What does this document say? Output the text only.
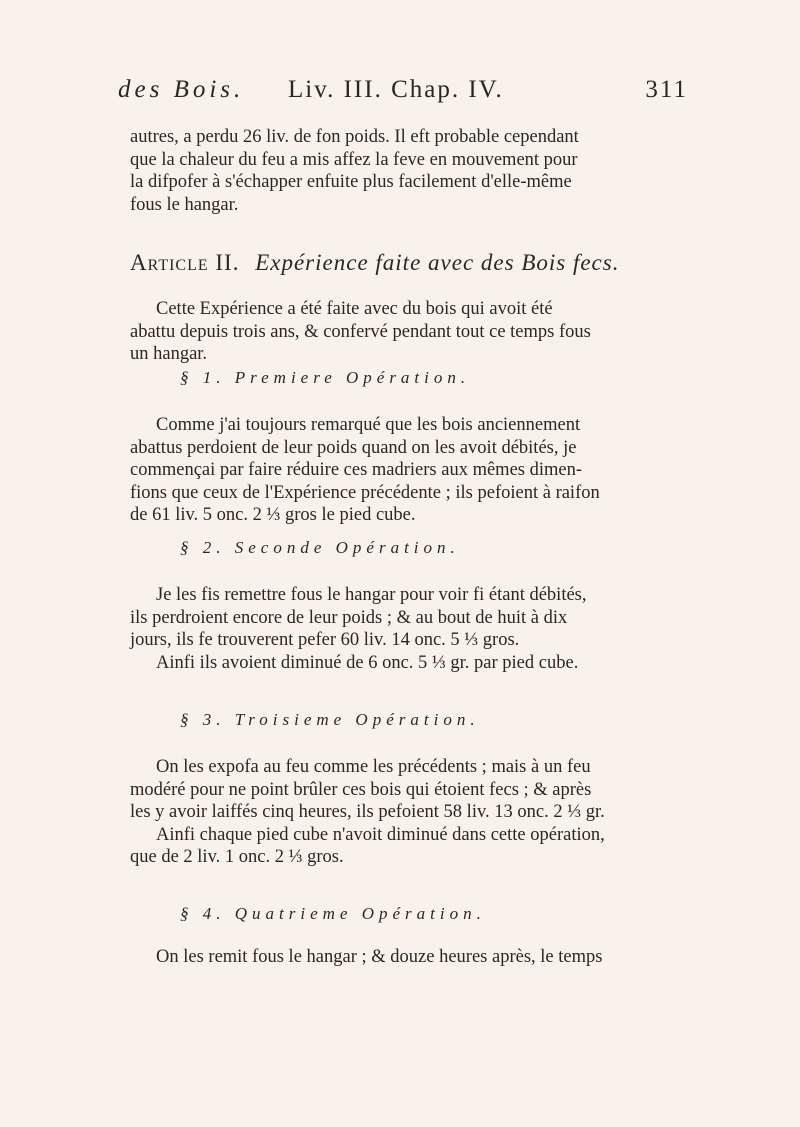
des Bois. Liv. III. Chap. IV.	311
autres, a perdu 26 liv. de fon poids. Il eft probable cependant
que la chaleur du feu a mis affez la feve en mouvement pour
la difpofer à s'échapper enfuite plus facilement d'elle-même
fous le hangar.
Article II. Expérience faite avec des Bois fecs.
Cette Expérience a été faite avec du bois qui avoit été
abattu depuis trois ans, & confervé pendant tout ce temps fous
un hangar.
§ 1. Premiere Opération.
Comme j'ai toujours remarqué que les bois anciennement
abattus perdoient de leur poids quand on les avoit débités, je
commençai par faire réduire ces madriers aux mêmes dimen-
fions que ceux de l'Expérience précédente ; ils pefoient à raifon
de 61 liv. 5 onc. 2 ⅓ gros le pied cube.
§ 2. Seconde Opération.
Je les fis remettre fous le hangar pour voir fi étant débités,
ils perdroient encore de leur poids ; & au bout de huit à dix
jours, ils fe trouverent pefer 60 liv. 14 onc. 5 ⅓ gros.
Ainfi ils avoient diminué de 6 onc. 5 ⅓ gr. par pied cube.
§ 3. Troisieme Opération.
On les expofa au feu comme les précédents ; mais à un feu
modéré pour ne point brûler ces bois qui étoient fecs ; & après
les y avoir laiffés cinq heures, ils pefoient 58 liv. 13 onc. 2 ⅓ gr.
Ainfi chaque pied cube n'avoit diminué dans cette opération,
que de 2 liv. 1 onc. 2 ⅓ gros.
§ 4. Quatrieme Opération.
On les remit fous le hangar ; & douze heures après, le temps
